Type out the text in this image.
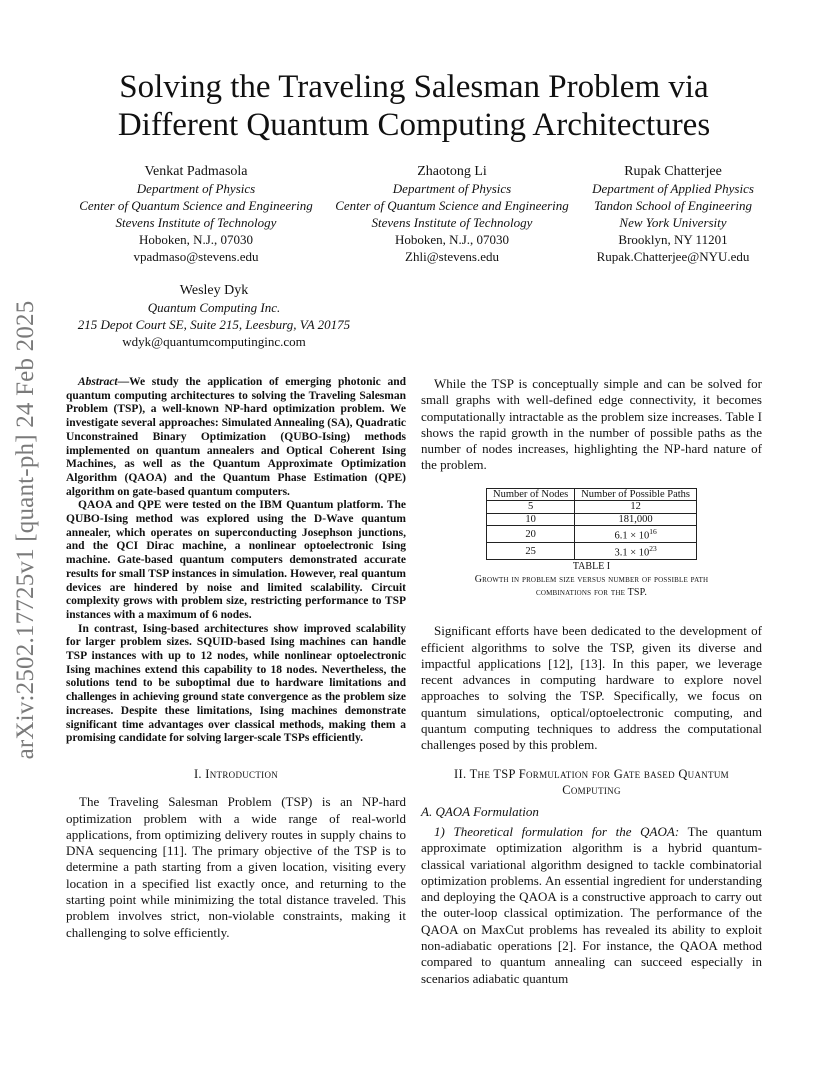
arXiv:2502.17725v1 [quant-ph] 24 Feb 2025
Solving the Traveling Salesman Problem via
Different Quantum Computing Architectures
Venkat Padmasola
Department of Physics
Center of Quantum Science and Engineering
Stevens Institute of Technology
Hoboken, N.J., 07030
vpadmaso@stevens.edu
Zhaotong Li
Department of Physics
Center of Quantum Science and Engineering
Stevens Institute of Technology
Hoboken, N.J., 07030
Zhli@stevens.edu
Rupak Chatterjee
Department of Applied Physics
Tandon School of Engineering
New York University
Brooklyn, NY 11201
Rupak.Chatterjee@NYU.edu
Wesley Dyk
Quantum Computing Inc.
215 Depot Court SE, Suite 215, Leesburg, VA 20175
wdyk@quantumcomputinginc.com

Abstract—We study the application of emerging photonic and quantum computing architectures to solving the Traveling Salesman Problem (TSP), a well-known NP-hard optimization problem. We investigate several approaches: Simulated Annealing (SA), Quadratic Unconstrained Binary Optimization (QUBO-Ising) methods implemented on quantum annealers and Optical Coherent Ising Machines, as well as the Quantum Approximate Optimization Algorithm (QAOA) and the Quantum Phase Estimation (QPE) algorithm on gate-based quantum computers.

QAOA and QPE were tested on the IBM Quantum platform. The QUBO-Ising method was explored using the D-Wave quantum annealer, which operates on superconducting Josephson junctions, and the QCI Dirac machine, a nonlinear optoelectronic Ising machine. Gate-based quantum computers demonstrated accurate results for small TSP instances in simulation. However, real quantum devices are hindered by noise and limited scalability. Circuit complexity grows with problem size, restricting performance to TSP instances with a maximum of 6 nodes.

In contrast, Ising-based architectures show improved scalability for larger problem sizes. SQUID-based Ising machines can handle TSP instances with up to 12 nodes, while nonlinear optoelectronic Ising machines extend this capability to 18 nodes. Nevertheless, the solutions tend to be suboptimal due to hardware limitations and challenges in achieving ground state convergence as the problem size increases. Despite these limitations, Ising machines demonstrate significant time advantages over classical methods, making them a promising candidate for solving larger-scale TSPs efficiently.

I. Introduction

The Traveling Salesman Problem (TSP) is an NP-hard optimization problem with a wide range of real-world applications, from optimizing delivery routes in supply chains to DNA sequencing [11]. The primary objective of the TSP is to determine a path starting from a given location, visiting every location in a specified list exactly once, and returning to the starting point while minimizing the total distance traveled. This problem involves strict, non-violable constraints, making it challenging to solve efficiently.

While the TSP is conceptually simple and can be solved for small graphs with well-defined edge connectivity, it becomes computationally intractable as the problem size increases. Table I shows the rapid growth in the number of possible paths as the number of nodes increases, highlighting the NP-hard nature of the problem.

Number of Nodes	Number of Possible Paths
5	12
10	181,000
20	$6.1 \times 10^{16}$
25	$3.1 \times 10^{23}$
TABLE I
Growth in problem size versus number of possible path
combinations for the TSP.

Significant efforts have been dedicated to the development of efficient algorithms to solve the TSP, given its diverse and impactful applications [12], [13]. In this paper, we leverage recent advances in computing hardware to explore novel approaches to solving the TSP. Specifically, we focus on quantum simulations, optical/optoelectronic computing, and quantum computing techniques to address the computational challenges posed by this problem.

II. The TSP Formulation for Gate based Quantum
Computing
A. QAOA Formulation

1) Theoretical formulation for the QAOA: The quantum approximate optimization algorithm is a hybrid quantum-classical variational algorithm designed to tackle combinatorial optimization problems. An essential ingredient for understanding and deploying the QAOA is a constructive approach to carry out the outer-loop classical optimization. The performance of the QAOA on MaxCut problems has revealed its ability to exploit non-adiabatic operations [2]. For instance, the QAOA method compared to quantum annealing can succeed especially in scenarios adiabatic quantum
